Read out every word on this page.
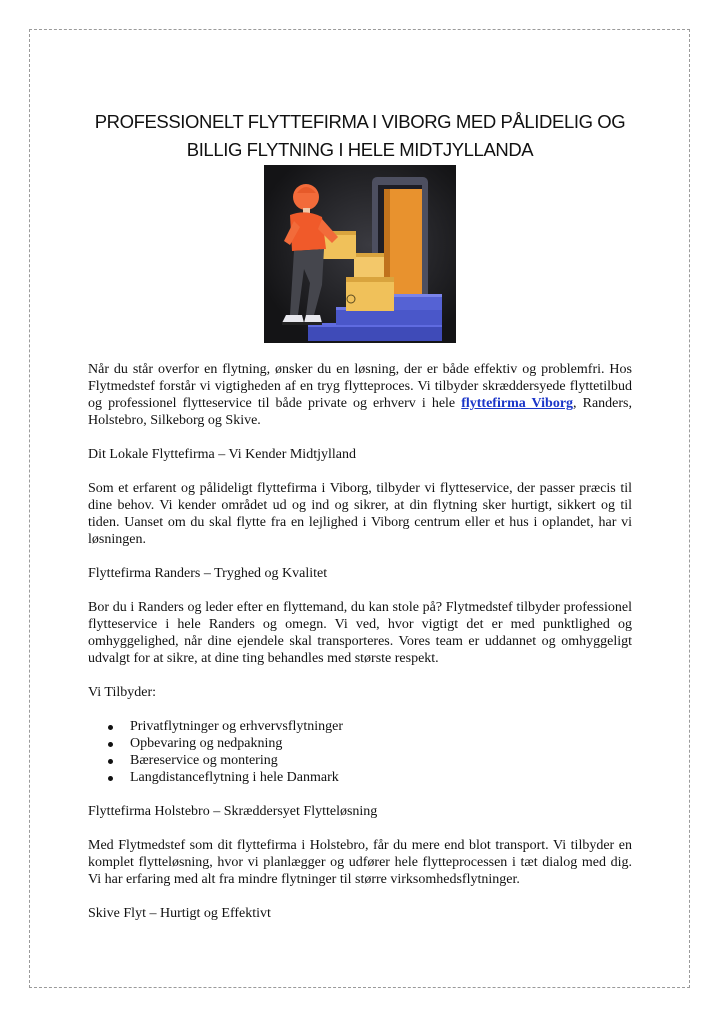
PROFESSIONELT FLYTTEFIRMA I VIBORG MED PÅLIDELIG OG
BILLIG FLYTNING I HELE MIDTJYLLANDA

Når du står overfor en flytning, ønsker du en løsning, der er både effektiv og problemfri. Hos Flytmedstef forstår vi vigtigheden af en tryg flytteproces. Vi tilbyder skræddersyede flyttetilbud og professionel flytteservice til både private og erhverv i hele flyttefirma Viborg, Randers, Holstebro, Silkeborg og Skive.

Dit Lokale Flyttefirma – Vi Kender Midtjylland

Som et erfarent og pålideligt flyttefirma i Viborg, tilbyder vi flytteservice, der passer præcis til dine behov. Vi kender området ud og ind og sikrer, at din flytning sker hurtigt, sikkert og til tiden. Uanset om du skal flytte fra en lejlighed i Viborg centrum eller et hus i oplandet, har vi løsningen.

Flyttefirma Randers – Tryghed og Kvalitet

Bor du i Randers og leder efter en flyttemand, du kan stole på? Flytmedstef tilbyder professionel flytteservice i hele Randers og omegn. Vi ved, hvor vigtigt det er med punktlighed og omhyggelighed, når dine ejendele skal transporteres. Vores team er uddannet og omhyggeligt udvalgt for at sikre, at dine ting behandles med største respekt.

Vi Tilbyder:

Privatflytninger og erhvervsflytninger
Opbevaring og nedpakning
Bæreservice og montering
Langdistanceflytning i hele Danmark

Flyttefirma Holstebro – Skræddersyet Flytteløsning

Med Flytmedstef som dit flyttefirma i Holstebro, får du mere end blot transport. Vi tilbyder en komplet flytteløsning, hvor vi planlægger og udfører hele flytteprocessen i tæt dialog med dig. Vi har erfaring med alt fra mindre flytninger til større virksomhedsflytninger.

Skive Flyt – Hurtigt og Effektivt
